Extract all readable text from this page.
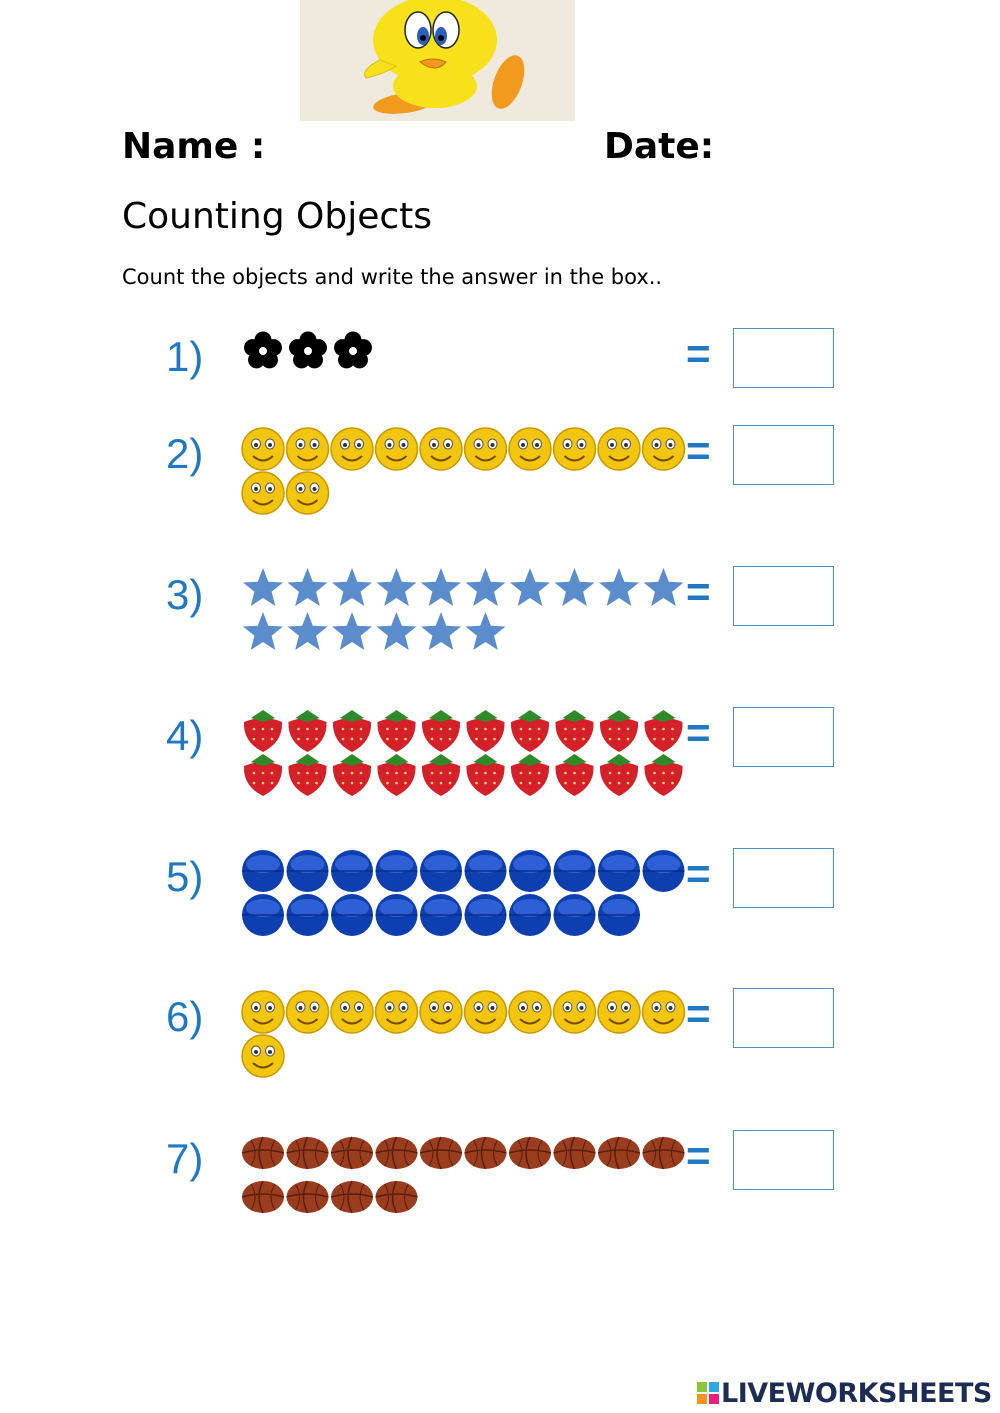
Name :	Date:
Counting Objects
Count the objects and write the answer in the box..
1)	=
2)	=
3)	=
4)	=
5)	=
6)	=
7)	=
LIVEWORKSHEETS
